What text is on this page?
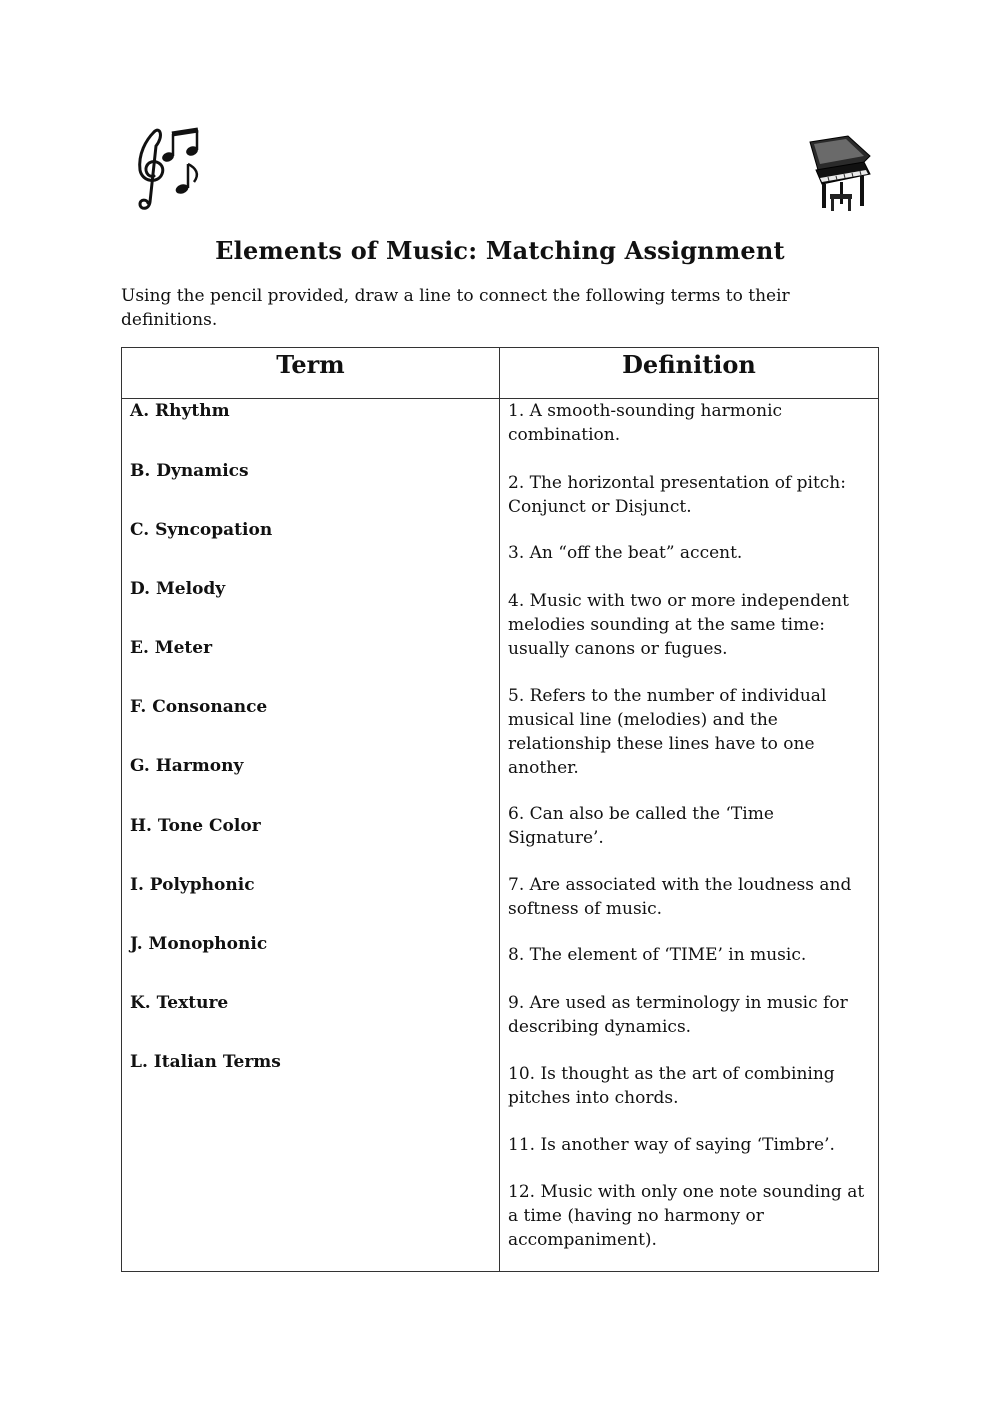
Elements of Music: Matching Assignment
Using the pencil provided, draw a line to connect the following terms to their definitions.
Term	Definition
A. Rhythm
B. Dynamics
C. Syncopation
D. Melody
E. Meter
F. Consonance
G. Harmony
H. Tone Color
I. Polyphonic
J. Monophonic
K. Texture
L. Italian Terms
1. A smooth-sounding harmonic combination.
2. The horizontal presentation of pitch: Conjunct or Disjunct.
3. An “off the beat” accent.
4. Music with two or more independent melodies sounding at the same time: usually canons or fugues.
5. Refers to the number of individual musical line (melodies) and the relationship these lines have to one another.
6. Can also be called the ‘Time Signature’.
7. Are associated with the loudness and softness of music.
8. The element of ‘TIME’ in music.
9. Are used as terminology in music for describing dynamics.
10. Is thought as the art of combining pitches into chords.
11. Is another way of saying ‘Timbre’.
12. Music with only one note sounding at a time (having no harmony or accompaniment).
